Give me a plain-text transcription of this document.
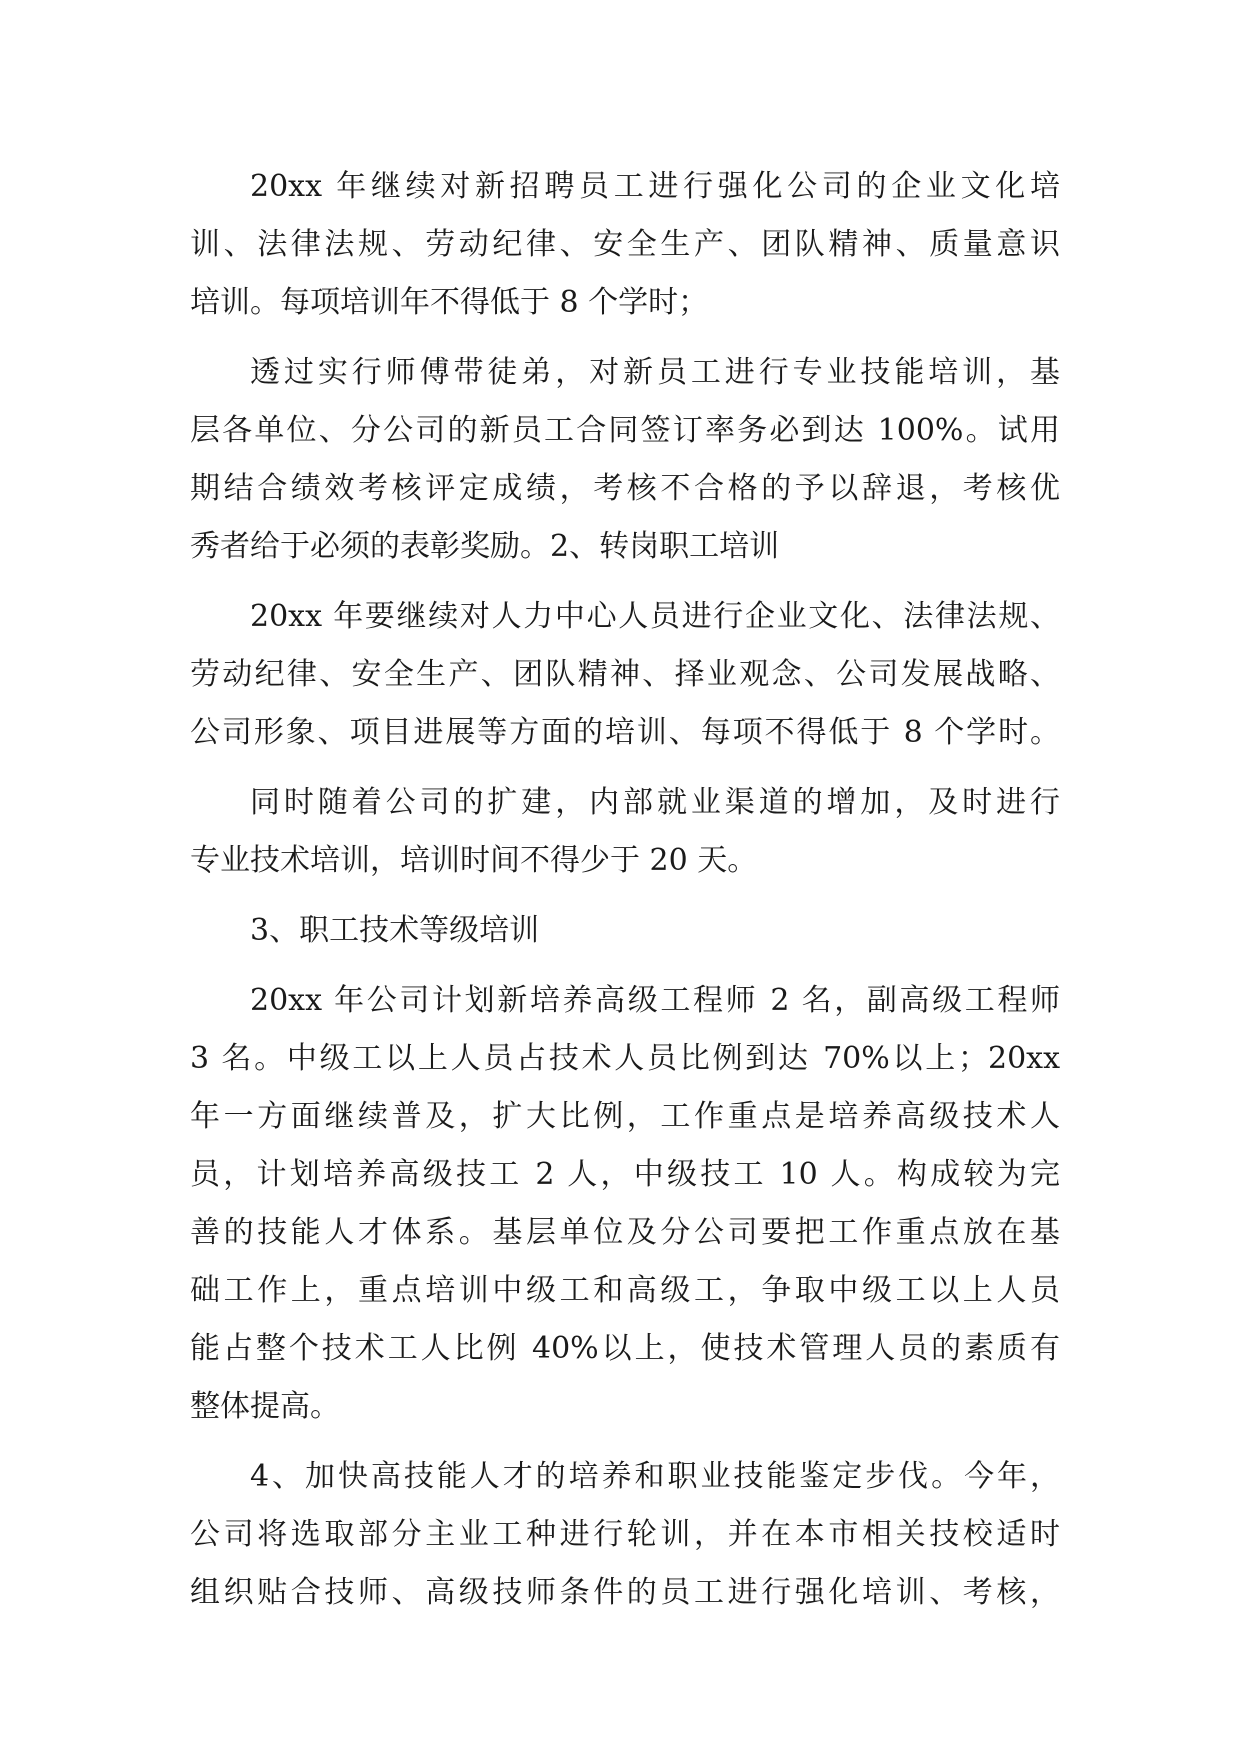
20xx 年继续对新招聘员工进行强化公司的企业文化培
训、法律法规、劳动纪律、安全生产、团队精神、质量意识
培训。每项培训年不得低于 8 个学时；
透过实行师傅带徒弟，对新员工进行专业技能培训，基
层各单位、分公司的新员工合同签订率务必到达 100%。试用
期结合绩效考核评定成绩，考核不合格的予以辞退，考核优
秀者给于必须的表彰奖励。2、转岗职工培训
20xx 年要继续对人力中心人员进行企业文化、法律法规、
劳动纪律、安全生产、团队精神、择业观念、公司发展战略、
公司形象、项目进展等方面的培训、每项不得低于 8 个学时。
同时随着公司的扩建，内部就业渠道的增加，及时进行
专业技术培训，培训时间不得少于 20 天。
3、职工技术等级培训
20xx 年公司计划新培养高级工程师 2 名，副高级工程师
3 名。中级工以上人员占技术人员比例到达 70%以上；20xx
年一方面继续普及，扩大比例，工作重点是培养高级技术人
员，计划培养高级技工 2 人，中级技工 10 人。构成较为完
善的技能人才体系。基层单位及分公司要把工作重点放在基
础工作上，重点培训中级工和高级工，争取中级工以上人员
能占整个技术工人比例 40%以上，使技术管理人员的素质有
整体提高。
4、加快高技能人才的培养和职业技能鉴定步伐。今年，
公司将选取部分主业工种进行轮训，并在本市相关技校适时
组织贴合技师、高级技师条件的员工进行强化培训、考核，
